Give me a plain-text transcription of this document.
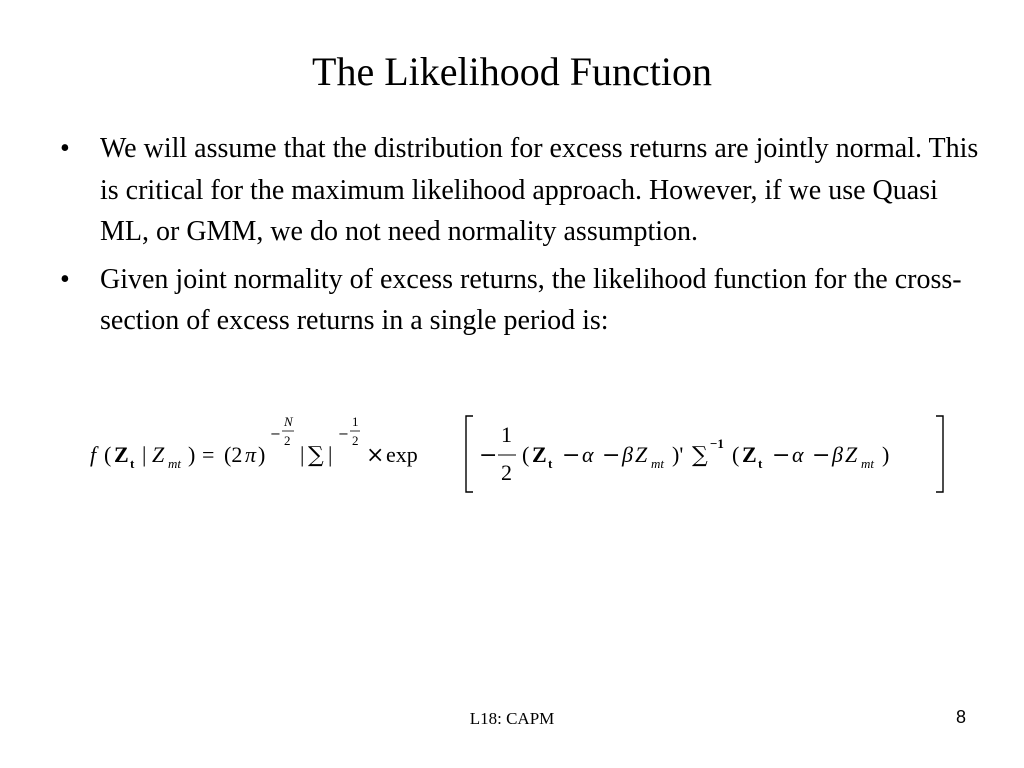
The Likelihood Function
•	We will assume that the distribution for excess returns are jointly normal. This is critical for the maximum likelihood approach. However, if we use Quasi ML, or GMM, we do not need normality assumption.
•	Given joint normality of excess returns, the likelihood function for the cross-section of excess returns in a single period is:
f ( Z t | Z mt ) = (2 π )
−
N
2
| ∑ |
−
1
2
× exp	−
1
2
( Z t − α − β Z mt )' ∑ −1 ( Z t − α − β Z mt )
L18: CAPM	8
